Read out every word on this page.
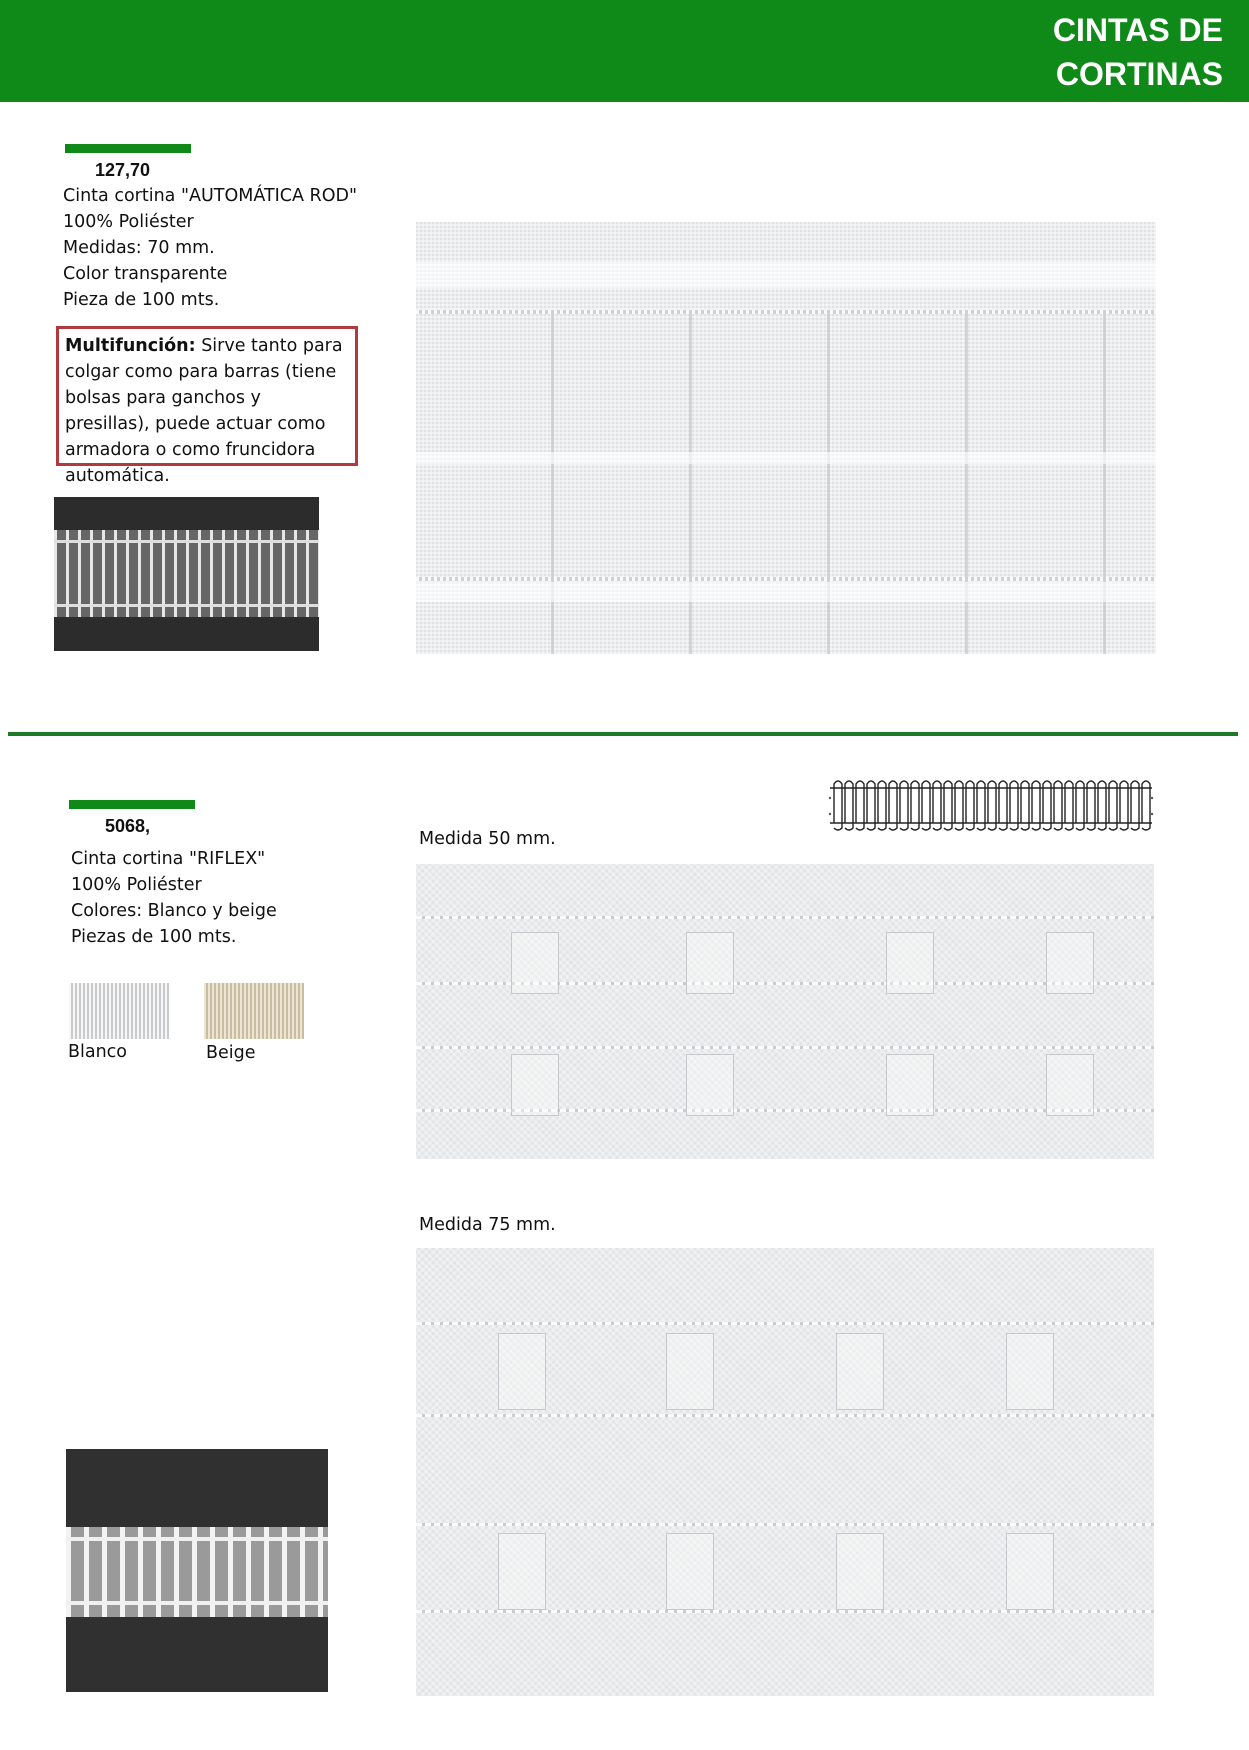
CINTAS DE
CORTINAS
127,70

Cinta cortina "AUTOMÁTICA ROD"

100% Poliéster

Medidas: 70 mm.

Color transparente

Pieza de 100 mts.

Multifunción: Sirve tanto para colgar como para barras (tiene bolsas para ganchos y presillas), puede actuar como armadora o como fruncidora automática.
5068,

Cinta cortina "RIFLEX"

100% Poliéster

Colores: Blanco y beige

Piezas de 100 mts.

Blanco	Beige
Medida 50 mm.
Medida 75 mm.
